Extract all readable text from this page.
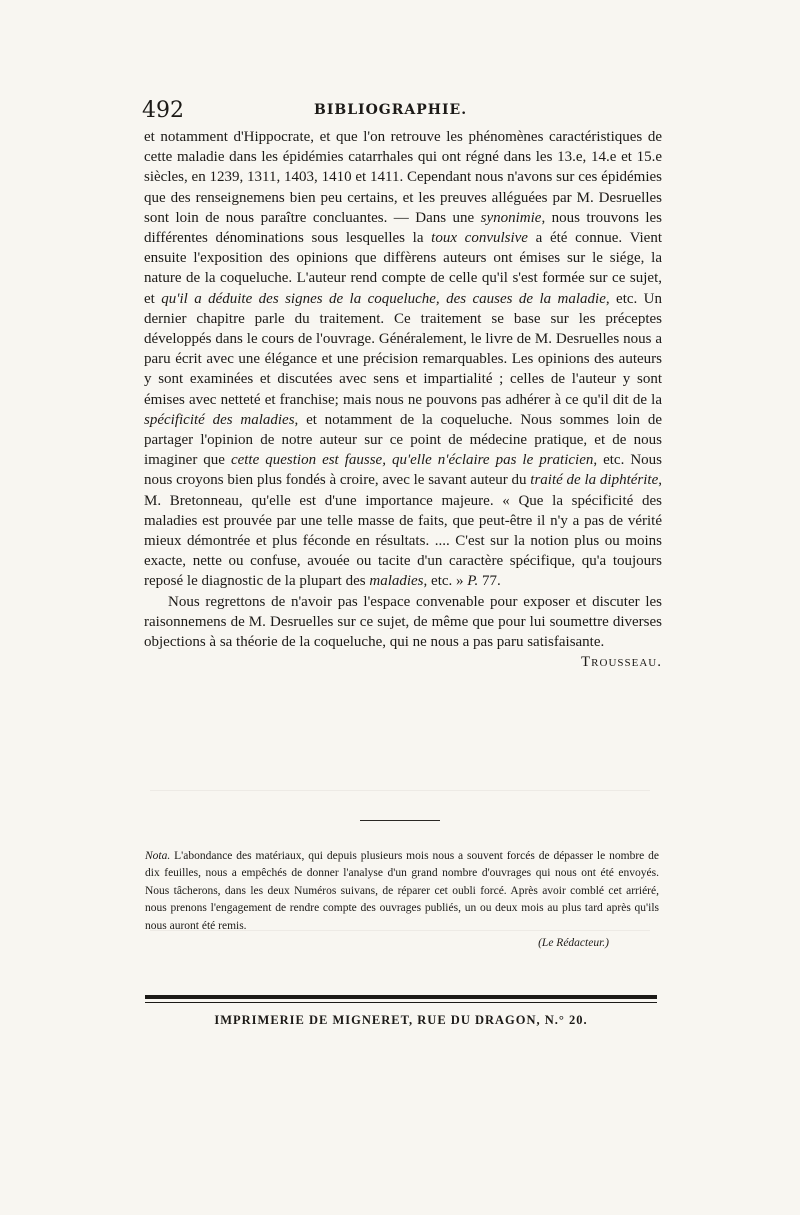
492	BIBLIOGRAPHIE.

et notamment d'Hippocrate, et que l'on retrouve les phénomènes caractéristiques de cette maladie dans les épidémies catarrhales qui ont régné dans les 13.e, 14.e et 15.e siècles, en 1239, 1311, 1403, 1410 et 1411. Cependant nous n'avons sur ces épidémies que des renseignemens bien peu certains, et les preuves alléguées par M. Desruelles sont loin de nous paraître concluantes. — Dans une synonimie, nous trouvons les différentes dénominations sous lesquelles la toux convulsive a été connue. Vient ensuite l'exposition des opinions que diffèrens auteurs ont émises sur le siége, la nature de la coqueluche. L'auteur rend compte de celle qu'il s'est formée sur ce sujet, et qu'il a déduite des signes de la coqueluche, des causes de la maladie, etc. Un dernier chapitre parle du traitement. Ce traitement se base sur les préceptes développés dans le cours de l'ouvrage. Généralement, le livre de M. Desruelles nous a paru écrit avec une élégance et une précision remarquables. Les opinions des auteurs y sont examinées et discutées avec sens et impartialité ; celles de l'auteur y sont émises avec netteté et franchise; mais nous ne pouvons pas adhérer à ce qu'il dit de la spécificité des maladies, et notamment de la coqueluche. Nous sommes loin de partager l'opinion de notre auteur sur ce point de médecine pratique, et de nous imaginer que cette question est fausse, qu'elle n'éclaire pas le praticien, etc. Nous nous croyons bien plus fondés à croire, avec le savant auteur du traité de la diphtérite, M. Bretonneau, qu'elle est d'une importance majeure. « Que la spécificité des maladies est prouvée par une telle masse de faits, que peut-être il n'y a pas de vérité mieux démontrée et plus féconde en résultats. .... C'est sur la notion plus ou moins exacte, nette ou confuse, avouée ou tacite d'un caractère spécifique, qu'a toujours reposé le diagnostic de la plupart des maladies, etc. » P. 77.

Nous regrettons de n'avoir pas l'espace convenable pour exposer et discuter les raisonnemens de M. Desruelles sur ce sujet, de même que pour lui soumettre diverses objections à sa théorie de la coqueluche, qui ne nous a pas paru satisfaisante.
Trousseau.

Nota. L'abondance des matériaux, qui depuis plusieurs mois nous a souvent forcés de dépasser le nombre de dix feuilles, nous a empêchés de donner l'analyse d'un grand nombre d'ouvrages qui nous ont été envoyés. Nous tâcherons, dans les deux Numéros suivans, de réparer cet oubli forcé. Après avoir comblé cet arriéré, nous prenons l'engagement de rendre compte des ouvrages publiés, un ou deux mois au plus tard après qu'ils nous auront été remis.

(Le Rédacteur.)

IMPRIMERIE DE MIGNERET, RUE DU DRAGON, N.° 20.
